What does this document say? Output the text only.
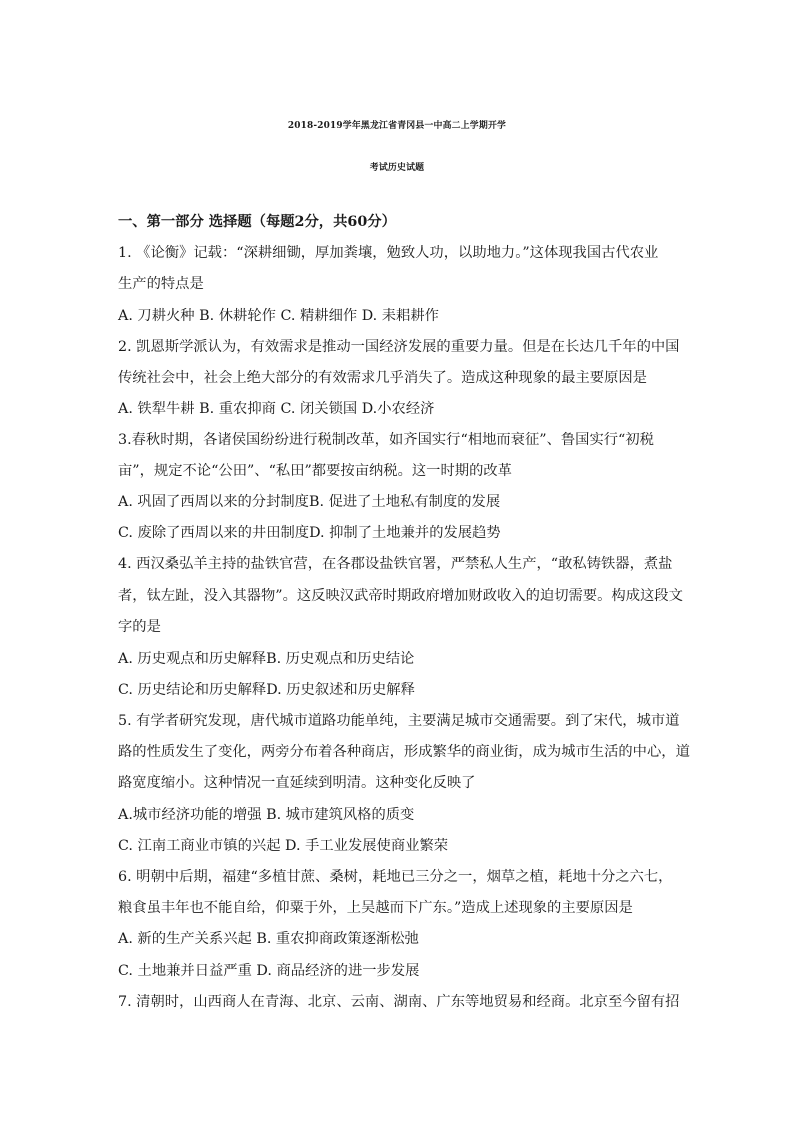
2018-2019学年黑龙江省青冈县一中高二上学期开学
考试历史试题
一、第一部分 选择题（每题2分，共60分）
1. 《论衡》记载：“深耕细锄，厚加粪壤，勉致人功，以助地力。”这体现我国古代农业
生产的特点是
A. 刀耕火种 B. 休耕轮作 C. 精耕细作 D. 耒耜耕作
2. 凯恩斯学派认为，有效需求是推动一国经济发展的重要力量。但是在长达几千年的中国
传统社会中，社会上绝大部分的有效需求几乎消失了。造成这种现象的最主要原因是
A. 铁犁牛耕 B. 重农抑商 C. 闭关锁国 D.小农经济
3.春秋时期，各诸侯国纷纷进行税制改革，如齐国实行“相地而衰征”、鲁国实行“初税
亩”，规定不论“公田”、“私田”都要按亩纳税。这一时期的改革
A. 巩固了西周以来的分封制度B. 促进了土地私有制度的发展
C. 废除了西周以来的井田制度D. 抑制了土地兼并的发展趋势
4. 西汉桑弘羊主持的盐铁官营，在各郡设盐铁官署，严禁私人生产，“敢私铸铁器，煮盐
者，钛左趾，没入其器物”。这反映汉武帝时期政府增加财政收入的迫切需要。构成这段文
字的是
A. 历史观点和历史解释B. 历史观点和历史结论
C. 历史结论和历史解释D. 历史叙述和历史解释
5. 有学者研究发现，唐代城市道路功能单纯，主要满足城市交通需要。到了宋代，城市道
路的性质发生了变化，两旁分布着各种商店，形成繁华的商业街，成为城市生活的中心，道
路宽度缩小。这种情况一直延续到明清。这种变化反映了
A.城市经济功能的增强 B. 城市建筑风格的质变
C. 江南工商业市镇的兴起 D. 手工业发展使商业繁荣
6. 明朝中后期，福建“多植甘蔗、桑树，耗地已三分之一，烟草之植，耗地十分之六七，
粮食虽丰年也不能自给，仰粟于外，上吴越而下广东。”造成上述现象的主要原因是
A. 新的生产关系兴起 B. 重农抑商政策逐渐松弛
C. 土地兼并日益严重 D. 商品经济的进一步发展
7. 清朝时，山西商人在青海、北京、云南、湖南、广东等地贸易和经商。北京至今留有招
